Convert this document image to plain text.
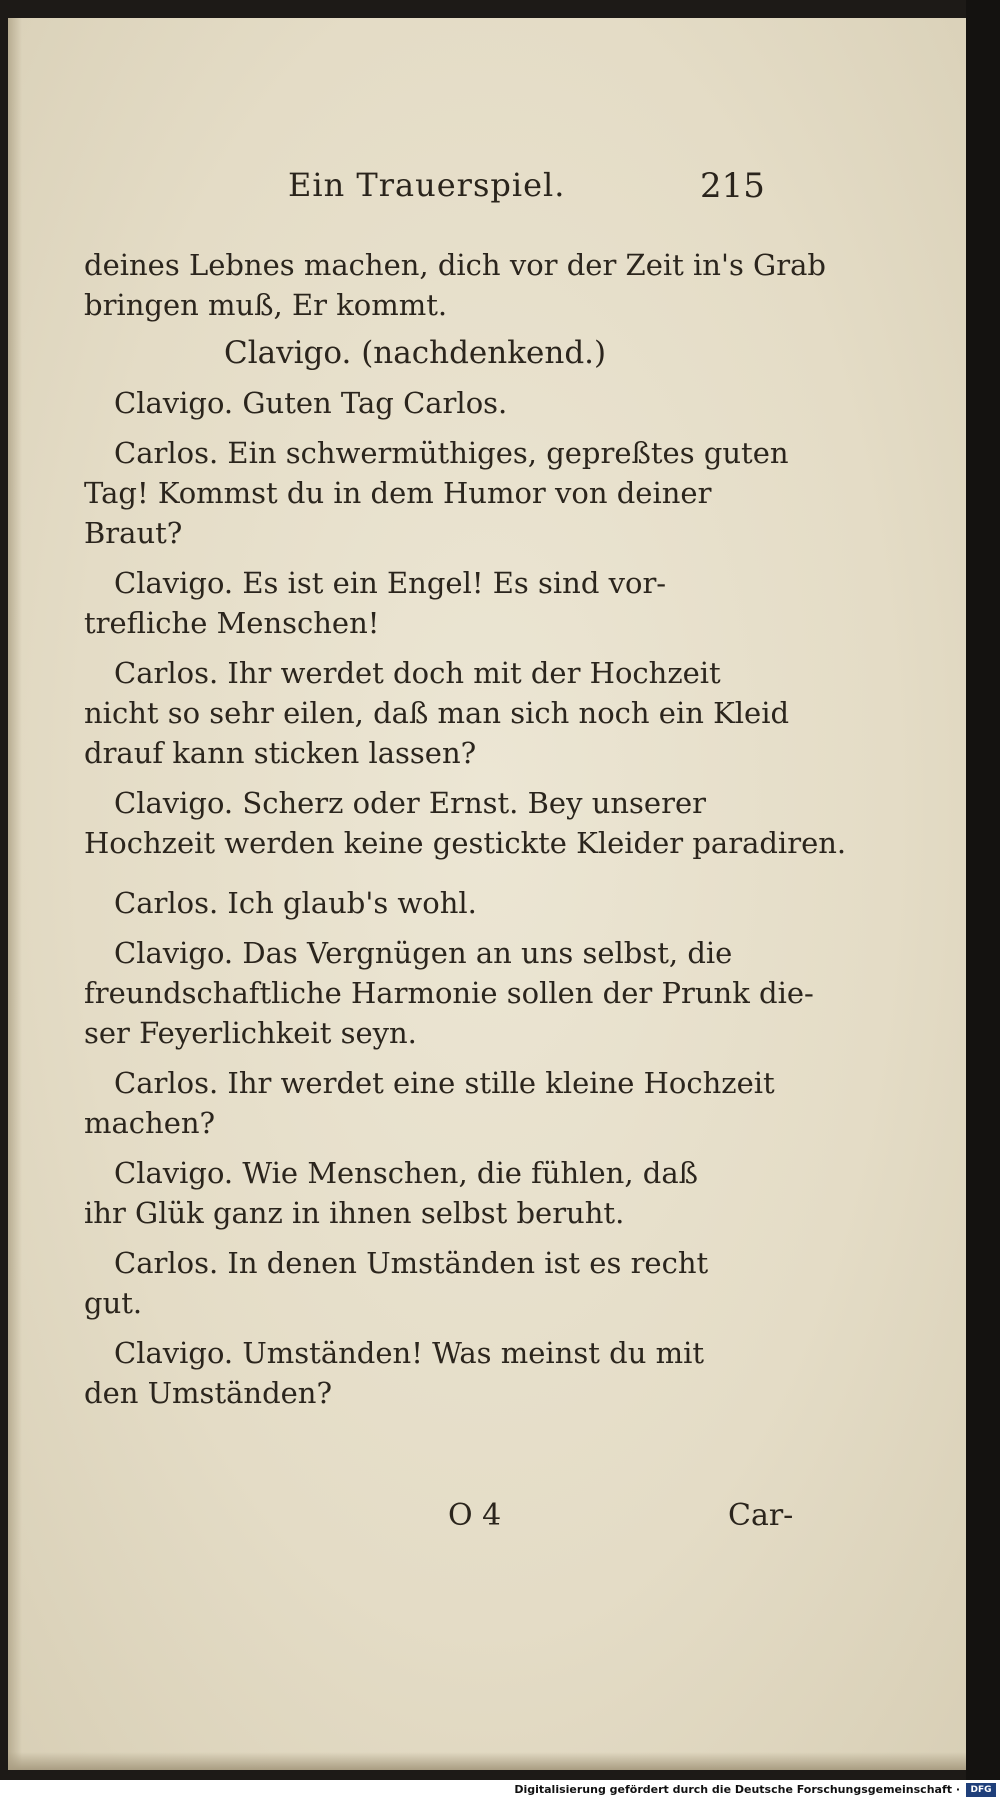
Ein Trauerspiel.	215
deines Lebnes machen, dich vor der Zeit in's Grab
bringen muß, Er kommt.
Clavigo. (nachdenkend.)
Clavigo. Guten Tag Carlos.
Carlos. Ein schwermüthiges, gepreßtes guten
Tag! Kommst du in dem Humor von deiner
Braut?
Clavigo. Es ist ein Engel! Es sind vor-
trefliche Menschen!
Carlos. Ihr werdet doch mit der Hochzeit
nicht so sehr eilen, daß man sich noch ein Kleid
drauf kann sticken lassen?
Clavigo. Scherz oder Ernst. Bey unserer
Hochzeit werden keine gestickte Kleider paradiren.
Carlos. Ich glaub's wohl.
Clavigo. Das Vergnügen an uns selbst, die
freundschaftliche Harmonie sollen der Prunk die-
ser Feyerlichkeit seyn.
Carlos. Ihr werdet eine stille kleine Hochzeit
machen?
Clavigo. Wie Menschen, die fühlen, daß
ihr Glük ganz in ihnen selbst beruht.
Carlos. In denen Umständen ist es recht
gut.
Clavigo. Umständen! Was meinst du mit
den Umständen?
O 4	Car-
Digitalisierung gefördert durch die Deutsche Forschungsgemeinschaft ·	DFG
